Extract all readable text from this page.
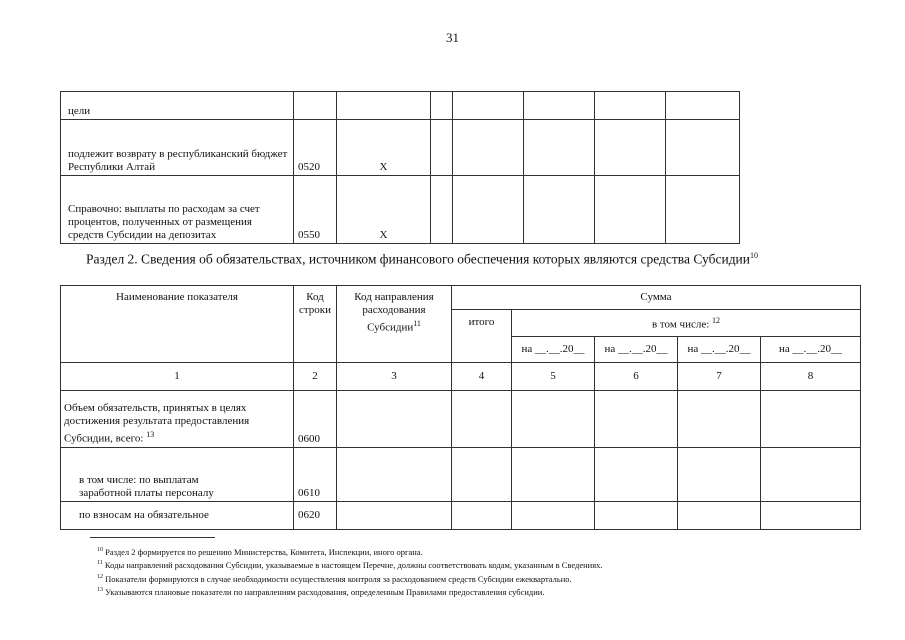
31
цели							
подлежит возврату в республиканский бюджет Республики Алтай	0520	Х					
Справочно: выплаты по расходам за счет процентов, полученных от размещения средств Субсидии на депозитах	0550	Х					
Раздел 2. Сведения об обязательствах, источником финансового обеспечения которых являются средства Субсидии$^{10}$
Наименование показателя	Код строки	Код направления расходования Субсидии$^{11}$	Сумма				
			итого	в том числе: $^{12}$
				на __.__.20__	на __.__.20__	на __.__.20__	на __.__.20__
1	2	3	4	5	6	7	8
Объем обязательств, принятых в целях достижения результата предоставления Субсидии, всего: $^{13}$	0600						
в том числе: по выплатам заработной платы персоналу	0610						
по взносам на обязательное	0620						
$^{10}$ Раздел 2 формируется по решению Министерства, Комитета, Инспекции, иного органа.
$^{11}$ Коды направлений расходования Субсидии, указываемые в настоящем Перечне, должны соответствовать кодам, указанным в Сведениях.
$^{12}$ Показатели формируются в случае необходимости осуществления контроля за расходованием средств Субсидии ежеквартально.
$^{13}$ Указываются плановые показатели по направлениям расходования, определенным Правилами предоставления субсидии.
